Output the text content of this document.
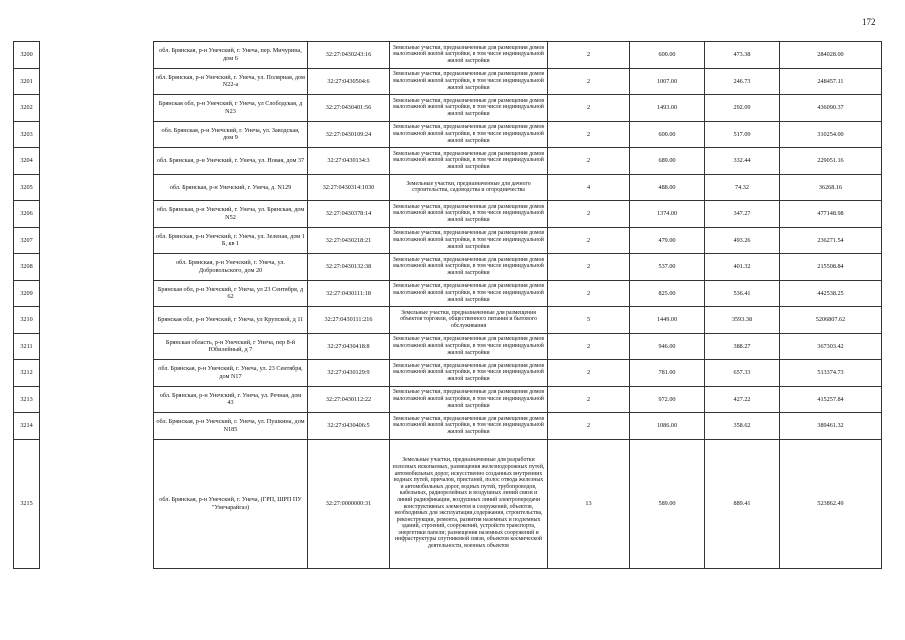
172
3200		обл. Брянская, р-н Унечский, г. Унеча, пер. Мичурина, дом 6	32:27:0430243:16	Земельные участки, предназначенные для размещения домов малоэтажной жилой застройки, в том числе индивидуальной жилой застройки	2	600.00	473.38	284028.00
3201		обл. Брянская, р-н Унечский, г. Унеча, ул. Полярная, дом N22-а	32:27:0430504:6	Земельные участки, предназначенные для размещения домов малоэтажной жилой застройки, в том числе индивидуальной жилой застройки	2	1007.00	246.73	248457.11
3202		Брянская обл, р-н Унечский, г Унеча, ул Слободская, д N23	32:27:0430401:56	Земельные участки, предназначенные для размещения домов малоэтажной жилой застройки, в том числе индивидуальной жилой застройки	2	1493.00	292.09	436090.37
3203		обл. Брянская, р-н Унечский, г. Унеча, ул. Заводская, дом 9	32:27:0430109:24	Земельные участки, предназначенные для размещения домов малоэтажной жилой застройки, в том числе индивидуальной жилой застройки	2	600.00	517.09	310254.00
3204		обл. Брянская, р-н Унечский, г. Унеча, ул. Новая, дом 37	32:27:0430134:3	Земельные участки, предназначенные для размещения домов малоэтажной жилой застройки, в том числе индивидуальной жилой застройки	2	689.00	332.44	229051.16
3205		обл. Брянская, р-н Унечский, г. Унеча, д. N129	32:27:0430314:1030	Земельные участки, предназначенные для дачного строительства, садоводства и огородничества	4	488.00	74.32	36268.16
3206		обл. Брянская, р-н Унечский, г. Унеча, ул. Брянская, дом N52	32:27:0430378:14	Земельные участки, предназначенные для размещения домов малоэтажной жилой застройки, в том числе индивидуальной жилой застройки	2	1374.00	347.27	477148.98
3207		обл. Брянская, р-н Унечский, г. Унеча, ул. Зеленая, дом 1 Б, кв 1	32:27:0430218:21	Земельные участки, предназначенные для размещения домов малоэтажной жилой застройки, в том числе индивидуальной жилой застройки	2	479.00	493.26	236271.54
3208		обл. Брянская, р-н Унечский, г. Унеча, ул. Добровольского, дом 20	32:27:0430132:38	Земельные участки, предназначенные для размещения домов малоэтажной жилой застройки, в том числе индивидуальной жилой застройки	2	537.00	401.32	215508.84
3209		Брянская обл, р-н Унечский, г Унеча, ул 23 Сентября, д 62	32:27:0430111:18	Земельные участки, предназначенные для размещения домов малоэтажной жилой застройки, в том числе индивидуальной жилой застройки	2	825.00	536.41	442538.25
3210		Брянская обл, р-н Унечский, г Унеча, ул Крупской, д 11	32:27:0430111:216	Земельные участки, предназначенные для размещения объектов торговли, общественного питания и бытового обслуживания	5	1449.00	3593.38	5206807.62
3211		Брянская область, р-н Унечский, г Унеча, пер 8-й Юбилейный, д 7	32:27:0430418:8	Земельные участки, предназначенные для размещения домов малоэтажной жилой застройки, в том числе индивидуальной жилой застройки	2	946.00	388.27	367303.42
3212		обл. Брянская, р-н Унечский, г. Унеча, ул. 23 Сентября, дом N17	32:27:0430129:9	Земельные участки, предназначенные для размещения домов малоэтажной жилой застройки, в том числе индивидуальной жилой застройки	2	781.00	657.33	513374.73
3213		обл. Брянская, р-н Унечский, г. Унеча, ул. Речная, дом 43	32:27:0430112:22	Земельные участки, предназначенные для размещения домов малоэтажной жилой застройки, в том числе индивидуальной жилой застройки	2	972.00	427.22	415257.84
3214		обл. Брянская, р-н Унечский, г. Унеча, ул. Пушкина, дом N185	32:27:0430406:5	Земельные участки, предназначенные для размещения домов малоэтажной жилой застройки, в том числе индивидуальной жилой застройки	2	1086.00	358.62	389461.32
3215		обл. Брянская, р-н Унечский, г. Унеча, (ГРП, ШРП ПУ "Унечарайгаз)	32:27:0000000:31	Земельные участки, предназначенные для разработки полезных ископаемых, размещения железнодорожных путей, автомобильных дорог, искусственно созданных внутренних водных путей, причалов, пристаней, полос отвода железных и автомобильных дорог, водных путей, трубопроводов, кабельных, радиорелейных и воздушных линий связи и линий радиофикации, воздушных линий электропередачи конструктивных элементов и сооружений, объектов, необходимых для эксплуатации,содержания, строительства, реконструкции, ремонта, развития наземных и подземных зданий, строений, сооружений, устройств транспорта, энергетики папели; размещения наземных сооружений и инфраструктуры спутниковой связи, объектов космической деятельности, военных объектов	13	589.00	889.41	523862.49
